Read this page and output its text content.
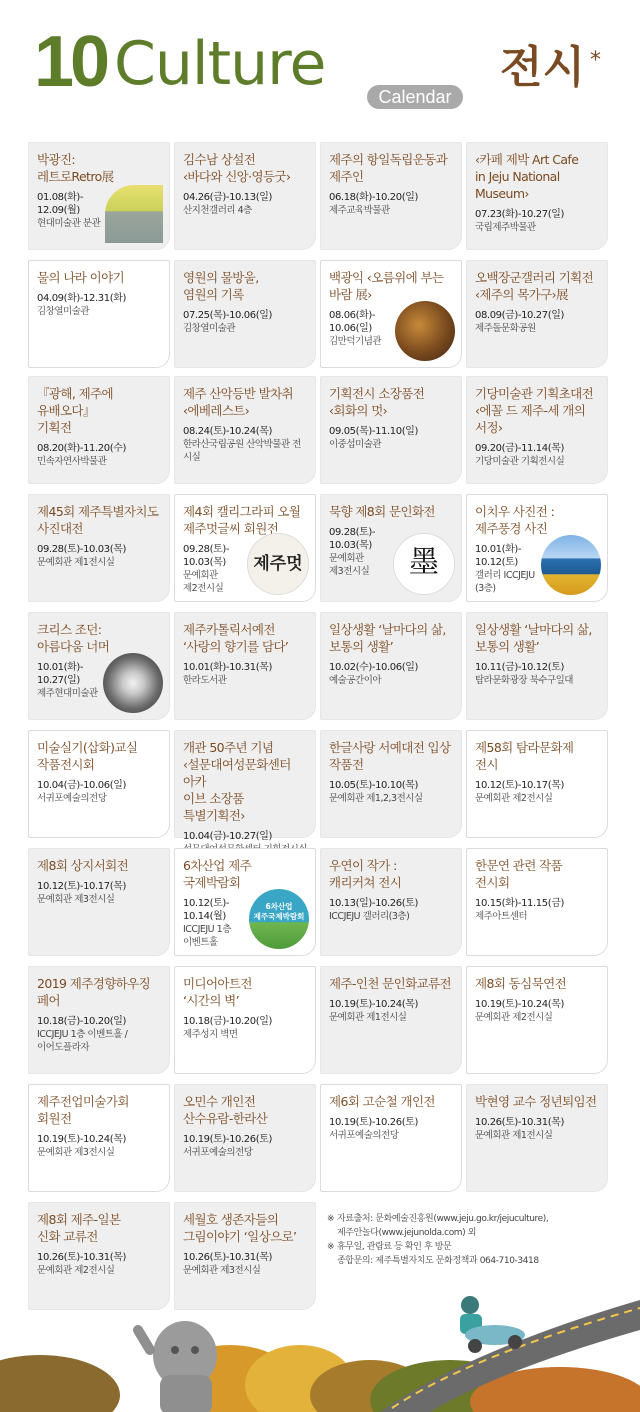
10 Culture	Calendar
전시 *
박광진:
레트로Retro展
01.08(화)-
12.09(월)
현대미술관 분관
김수남 상설전
‹바다와 신앙·영등굿›
04.26(금)-10.13(일)
산지천갤러리 4층
제주의 항일독립운동과
제주인
06.18(화)-10.20(일)
제주교육박물관
‹카페 제박 Art Cafe
in Jeju National
Museum›
07.23(화)-10.27(일)
국립제주박물관
물의 나라 이야기
04.09(화)-12.31(화)
김창열미술관
영원의 물방울,
염원의 기록
07.25(목)-10.06(일)
김창열미술관
백광익 ‹오름위에 부는
바람 展›
08.06(화)-
10.06(일)
김만덕기념관
오백장군갤러리 기획전
‹제주의 목가구›展
08.09(금)-10.27(일)
제주돌문화공원
『광해, 제주에 유배오다』
기획전
08.20(화)-11.20(수)
민속자연사박물관
제주 산악등반 발차취
‹에베레스트›
08.24(토)-10.24(목)
한라산국립공원 산악박물관 전시실
기획전시 소장품전
‹회화의 멋›
09.05(목)-11.10(일)
이중섭미술관
기당미술관 기획초대전
‹에꼴 드 제주-세 개의
서정›
09.20(금)-11.14(목)
기당미술관 기획전시실
제45회 제주특별자치도
사진대전
09.28(토)-10.03(목)
문예회관 제1전시실
제4회 캘리그라피 오월
제주멋글씨 회원전
09.28(토)-
10.03(목)
문예회관
제2전시실
제주멋
묵향 제8회 문인화전
09.28(토)-
10.03(목)
문예회관
제3전시실	墨
이치우 사진전 :
제주풍경 사진
10.01(화)-
10.12(토)
갤러리 ICCJEJU
(3층)
크리스 조던:
아름다움 너머
10.01(화)-
10.27(일)
제주현대미술관
제주카톨릭서예전
‘사랑의 향기를 담다’
10.01(화)-10.31(목)
한라도서관
일상생활 ‘날마다의 삶,
보통의 생활’
10.02(수)-10.06(일)
예술공간이아
일상생활 ‘날마다의 삶,
보통의 생활’
10.11(금)-10.12(토)
탐라문화광장 북수구일대
미술실기(삽화)교실
작품전시회
10.04(금)-10.06(일)
서귀포예술의전당
개관 50주년 기념
‹설문대여성문화센터 아카
이브 소장품 특별기획전›
10.04(금)-10.27(일)
한글사랑 서예대전 입상
작품전
10.05(토)-10.10(목)
문예회관 제1,2,3전시실
제58회 탐라문화제 전시
10.12(토)-10.17(목)
문예회관 제2전시실
제8회 상지서회전
10.12(토)-10.17(목)
문예회관 제3전시실
6차산업 제주 국제박람회
10.12(토)-
10.14(월)
ICCJEJU 1층
이벤트홀
6차산업
제주국제박람회
우연이 작가 :
캐리커쳐 전시
10.13(일)-10.26(토)
ICCJEJU 갤러리(3층)
한문연 관련 작품 전시회
10.15(화)-11.15(금)
제주아트센터
2019 제주경향하우징
페어
10.18(금)-10.20(일)
ICCJEJU 1층 이벤트홀 /
이어도플라자
미디어아트전
‘시간의 벽’
10.18(금)-10.20(일)
제주성지 벽면
제주-인천 문인화교류전
10.19(토)-10.24(목)
문예회관 제1전시실
제8회 동심묵연전
10.19(토)-10.24(목)
문예회관 제2전시실
제주전업미술가회
회원전
10.19(토)-10.24(목)
문예회관 제3전시실
오민수 개인전
산수유람-한라산
10.19(토)-10.26(토)
서귀포예술의전당
제6회 고순철 개인전
10.19(토)-10.26(토)
서귀포예술의전당
박현영 교수 정년퇴임전
10.26(토)-10.31(목)
문예회관 제1전시실
제8회 제주-일본
신화 교류전
10.26(토)-10.31(목)
문예회관 제2전시실
세월호 생존자들의
그림이야기 ‘일상으로’
10.26(토)-10.31(목)
문예회관 제3전시실
※ 자료출처: 문화예술진흥원(www.jeju.go.kr/jejuculture),
제주안놀다(www.jejunolda.com) 외
※ 휴무일, 관람료 등 확인 후 방문
종합문의: 제주특별자치도 문화정책과 064-710-3418
